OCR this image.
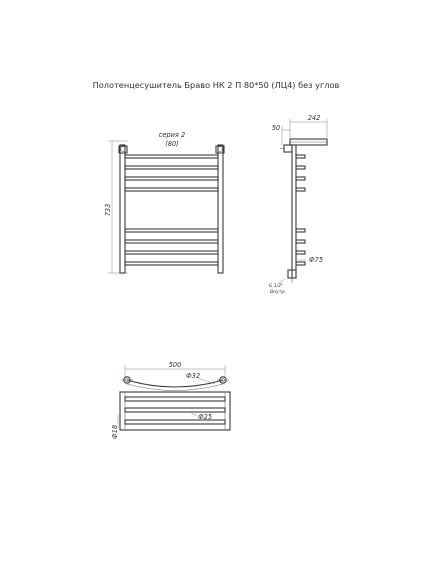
Полотенцесушитель Браво НК 2 П 80*50 (ЛЦ4) без углов
733
серия 2
(80)
242
50
Ф75
G 1/2"
Внутр.
500
Ф32
Ф25
Ф18
